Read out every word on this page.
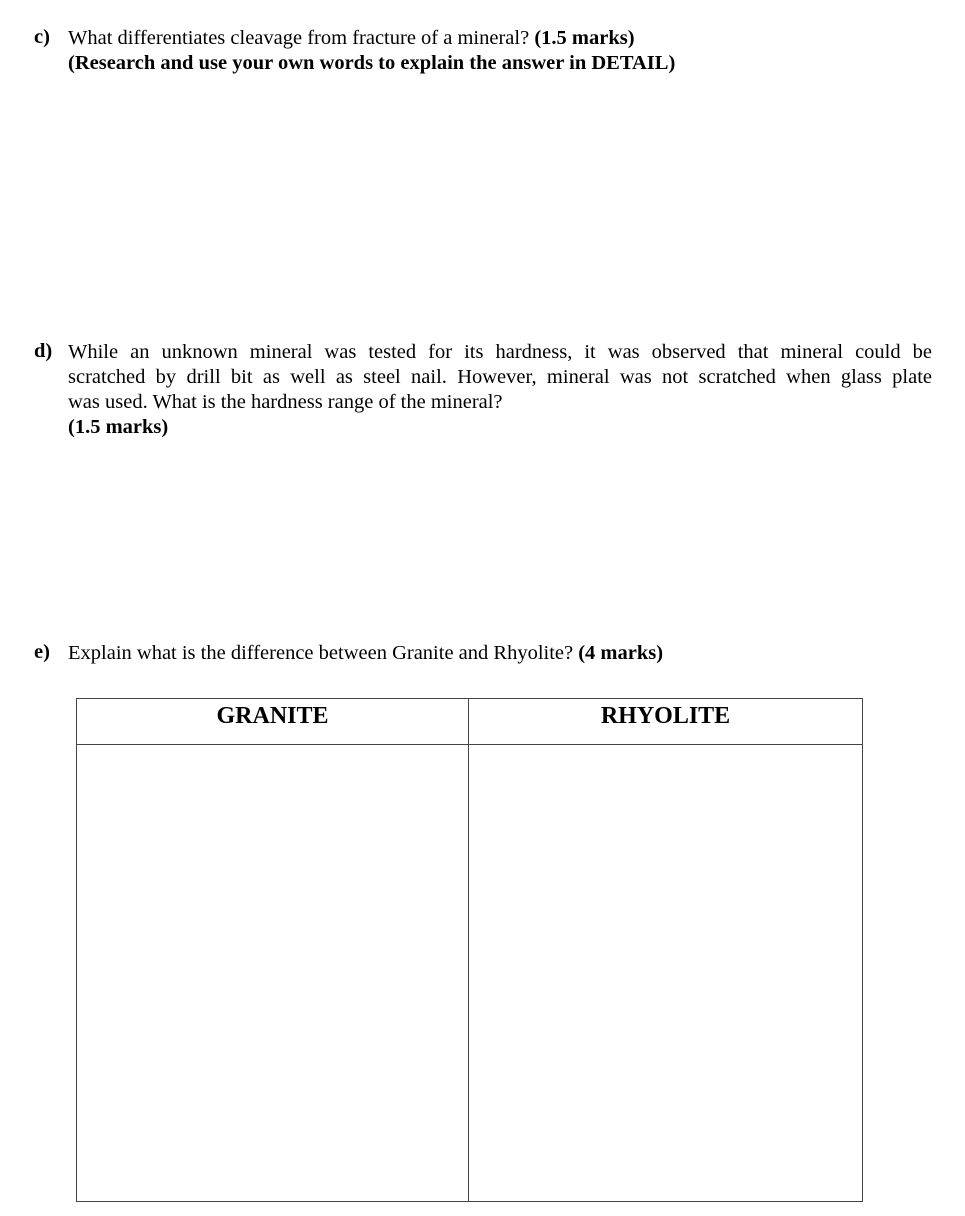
c) What differentiates cleavage from fracture of a mineral? (1.5 marks)
(Research and use your own words to explain the answer in DETAIL)
d) While an unknown mineral was tested for its hardness, it was observed that mineral could be
scratched by drill bit as well as steel nail. However, mineral was not scratched when glass plate
was used. What is the hardness range of the mineral?
(1.5 marks)
e) Explain what is the difference between Granite and Rhyolite? (4 marks)
GRANITE	RHYOLITE
